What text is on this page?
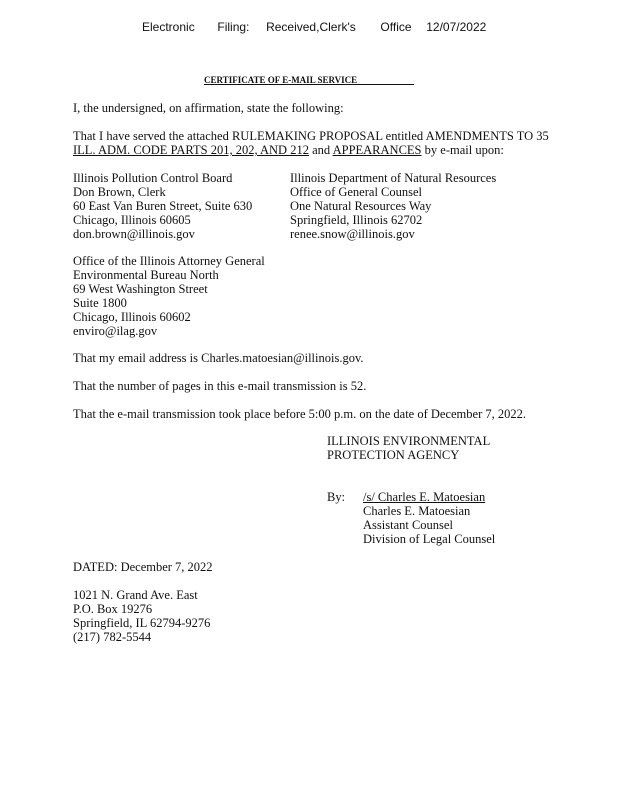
Electronic Filing: Received,Clerk's Office 12/07/2022
CERTIFICATE OF E-MAIL SERVICE
I, the undersigned, on affirmation, state the following:
That I have served the attached RULEMAKING PROPOSAL entitled AMENDMENTS TO 35
ILL. ADM. CODE PARTS 201, 202, AND 212 and APPEARANCES by e-mail upon:
Illinois Pollution Control Board
Don Brown, Clerk
60 East Van Buren Street, Suite 630
Chicago, Illinois 60605
don.brown@illinois.gov
Illinois Department of Natural Resources
Office of General Counsel
One Natural Resources Way
Springfield, Illinois 62702
renee.snow@illinois.gov
Office of the Illinois Attorney General
Environmental Bureau North
69 West Washington Street
Suite 1800
Chicago, Illinois 60602
enviro@ilag.gov
That my email address is Charles.matoesian@illinois.gov.
That the number of pages in this e-mail transmission is 52.
That the e-mail transmission took place before 5:00 p.m. on the date of December 7, 2022.
ILLINOIS ENVIRONMENTAL
PROTECTION AGENCY
By: /s/ Charles E. Matoesian
Charles E. Matoesian
Assistant Counsel
Division of Legal Counsel
DATED: December 7, 2022
1021 N. Grand Ave. East
P.O. Box 19276
Springfield, IL 62794-9276
(217) 782-5544
